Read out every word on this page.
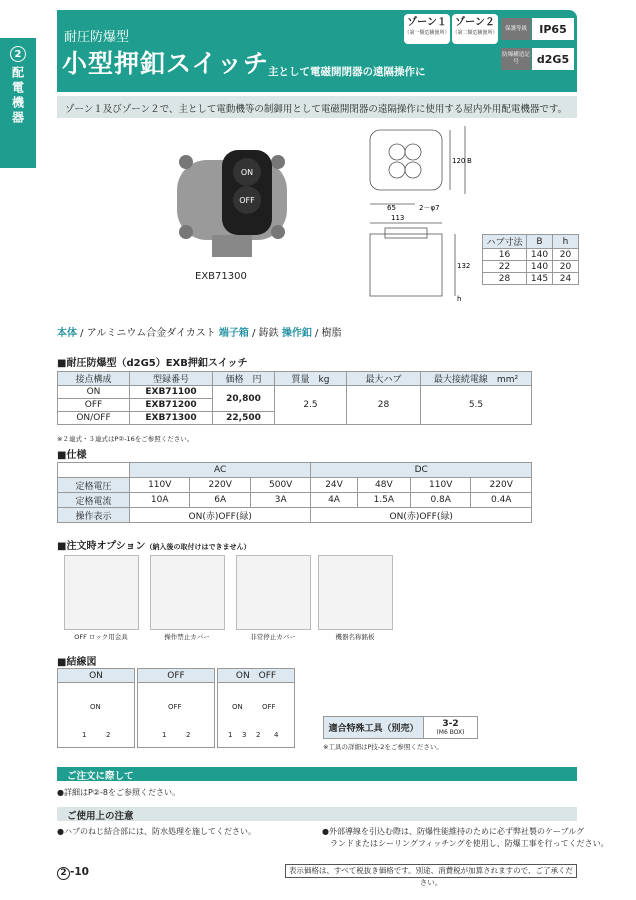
2
配電機器
耐圧防爆型
小型押釦スイッチ
主として電磁開閉器の遠隔操作に
ゾーン１
（第一類危険箇所）
ゾーン２
（第二類危険箇所）
保護等級	IP65
防爆構造記号	d2G5
ゾーン１及びゾーン２で、主として電動機等の制御用として電磁開閉器の遠隔操作に使用する屋内外用配電機器です。
ON
OFF
EXB71300
120 B
65	2－φ7
113
132
h
ハブ寸法	B	h
16	140	20
22	140	20
28	145	24
本体 / アルミニウム合金ダイカスト 端子箱 / 鋳鉄 操作釦 / 樹脂
■耐圧防爆型（d2G5）EXB押釦スイッチ
接点構成	型録番号	価格　円	質量　kg	最大ハブ	最大接続電線　mm²
ON	EXB71100	20,800	2.5	28	5.5
OFF	EXB71200				
ON/OFF	EXB71300	22,500			
※２連式・３連式はP②-16をご参照ください。
■仕様
	AC			DC			
定格電圧	110V	220V	500V	24V	48V	110V	220V
定格電流	10A	6A	3A	4A	1.5A	0.8A	0.4A
操作表示	ON(赤)OFF(緑)			ON(赤)OFF(緑)			
■注文時オプション（納入後の取付けはできません）
OFF ロック用金具	操作禁止カバー	非常停止カバー	機器名称銘板
■結線図
ON
ON
1	2
OFF
OFF
1	2
ON　OFF
ON	OFF
1 3 2 4
適合特殊工具（別売）	3-2
(M6 BOX)
※工具の詳細はP技-2をご参照ください。
ご注文に際して
●詳細はP②-8をご参照ください。
ご使用上の注意
●ハブのねじ結合部には、防水処理を施してください。	●外部導線を引込む際は、防爆性能維持のために必ず弊社製のケーブルグ
ランドまたはシーリングフィッチングを使用し、防爆工事を行ってください。
2 -10	表示価格は、すべて税抜き価格です。別途、消費税が加算されますので、ご了承ください。
